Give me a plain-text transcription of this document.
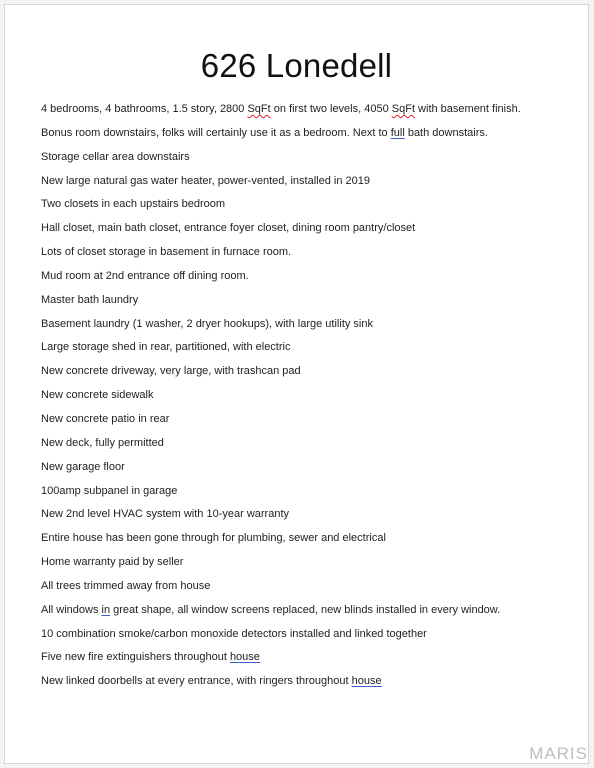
626 Lonedell
4 bedrooms, 4 bathrooms, 1.5 story, 2800 SqFt on first two levels, 4050 SqFt with basement finish.
Bonus room downstairs, folks will certainly use it as a bedroom. Next to full bath downstairs.
Storage cellar area downstairs
New large natural gas water heater, power-vented, installed in 2019
Two closets in each upstairs bedroom
Hall closet, main bath closet, entrance foyer closet, dining room pantry/closet
Lots of closet storage in basement in furnace room.
Mud room at 2nd entrance off dining room.
Master bath laundry
Basement laundry (1 washer, 2 dryer hookups), with large utility sink
Large storage shed in rear, partitioned, with electric
New concrete driveway, very large, with trashcan pad
New concrete sidewalk
New concrete patio in rear
New deck, fully permitted
New garage floor
100amp subpanel in garage
New 2nd level HVAC system with 10-year warranty
Entire house has been gone through for plumbing, sewer and electrical
Home warranty paid by seller
All trees trimmed away from house
All windows in great shape, all window screens replaced, new blinds installed in every window.
10 combination smoke/carbon monoxide detectors installed and linked together
Five new fire extinguishers throughout house
New linked doorbells at every entrance, with ringers throughout house
MARIS
